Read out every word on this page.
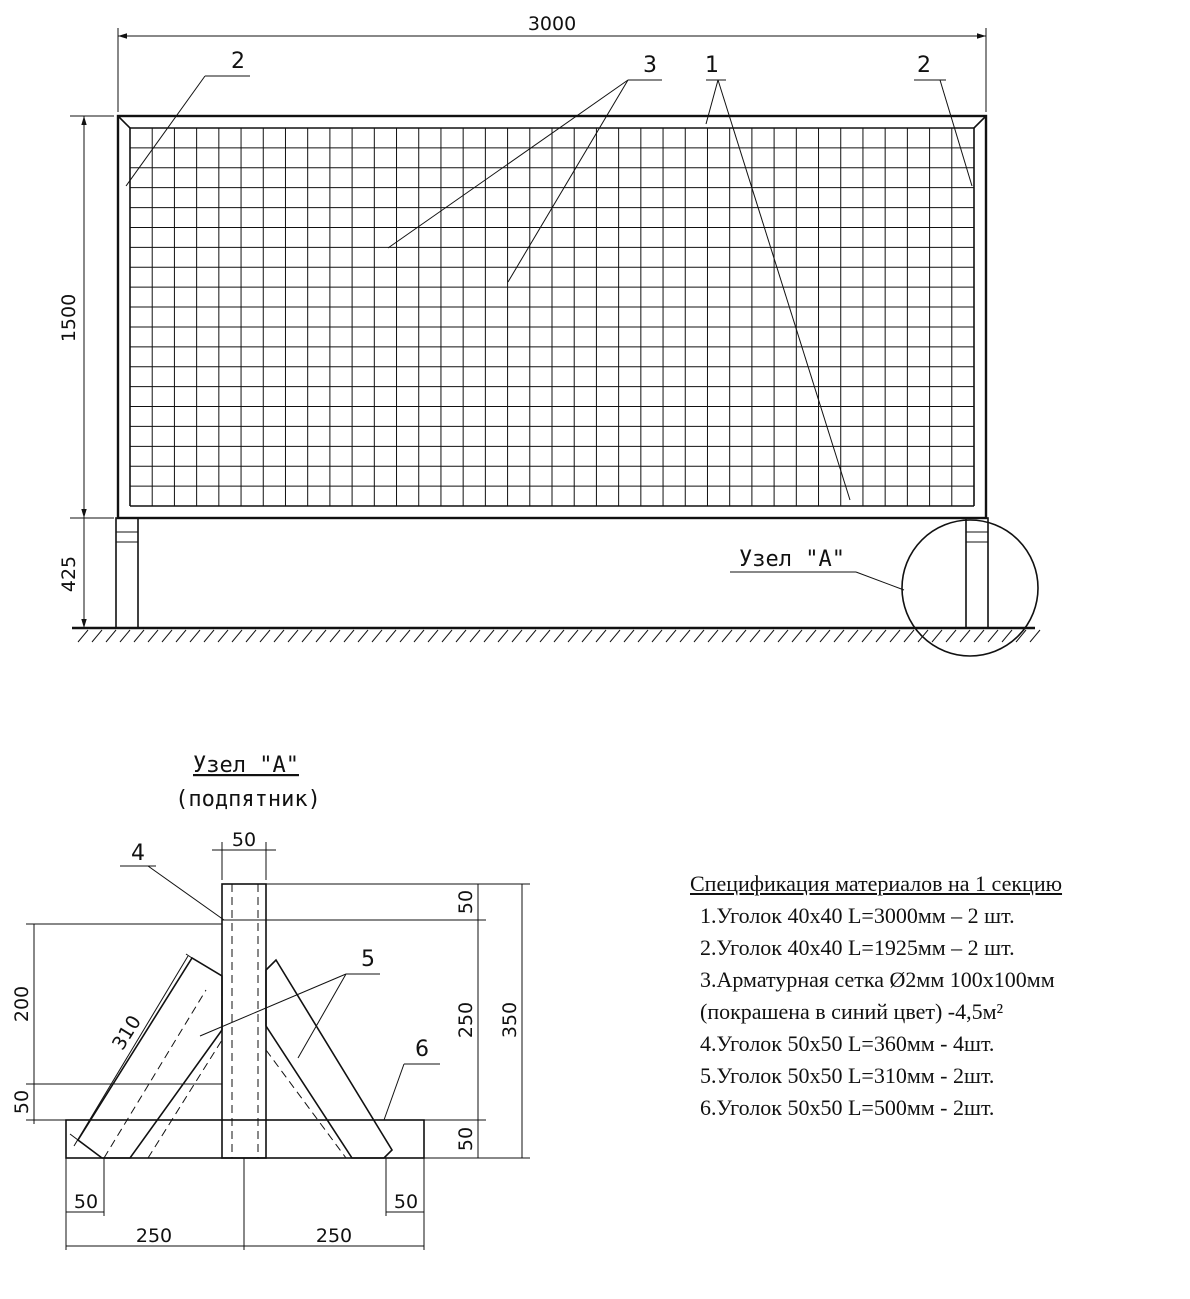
3000
1500
425
2	3 1	2
Узел "А"
Узел "А"
(подпятник)
50
50
250
50
350
200
50
310
50	50
250	250
4
5
6
Спецификация материалов на 1 секцию
1.Уголок 40х40 L=3000мм – 2 шт.
2.Уголок 40х40 L=1925мм – 2 шт.
3.Арматурная сетка Ø2мм 100х100мм
(покрашена в синий цвет) -4,5м²
4.Уголок 50х50 L=360мм - 4шт.
5.Уголок 50х50 L=310мм - 2шт.
6.Уголок 50х50 L=500мм - 2шт.
